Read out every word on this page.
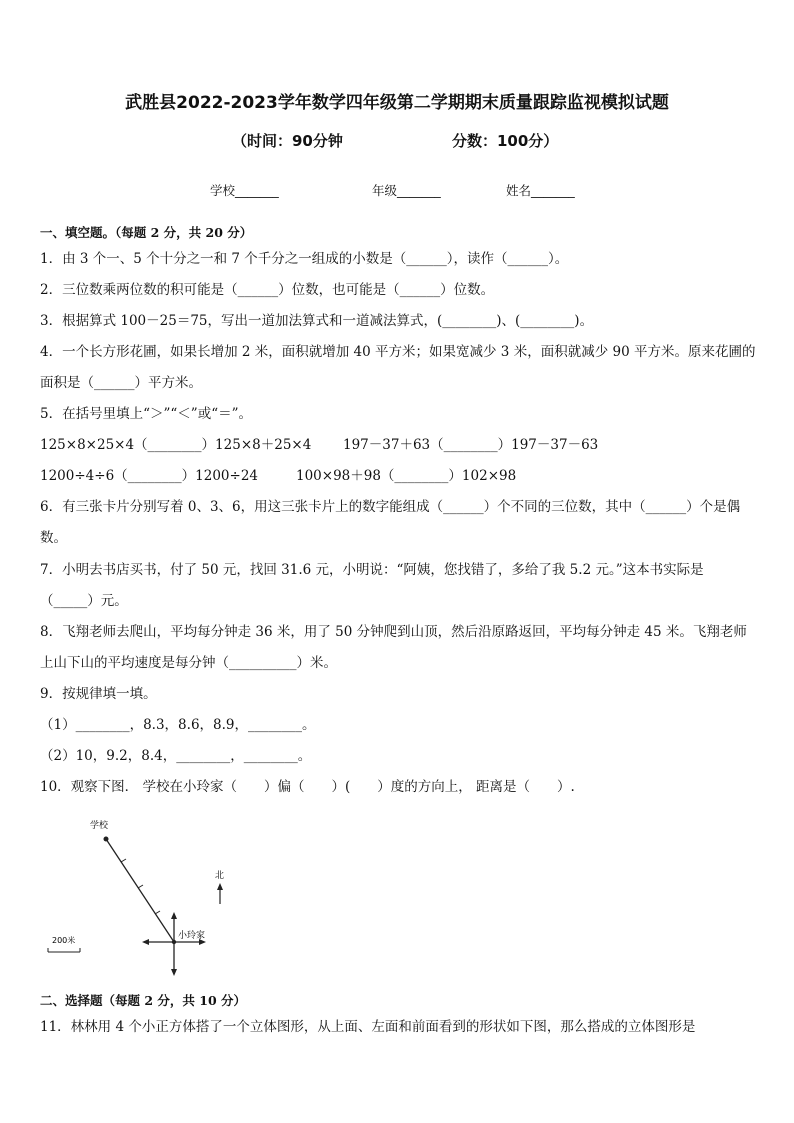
武胜县2022-2023学年数学四年级第二学期期末质量跟踪监视模拟试题
（时间：90分钟	分数：100分）
学校_______	年级_______	姓名_______
一、填空题。（每题 2 分，共 20 分）
1．由 3 个一、5 个十分之一和 7 个千分之一组成的小数是（______），读作（______）。
2．三位数乘两位数的积可能是（______）位数，也可能是（______）位数。
3．根据算式 100－25＝75，写出一道加法算式和一道减法算式，(________)、(________)。
4．一个长方形花圃，如果长增加 2 米，面积就增加 40 平方米；如果宽减少 3 米，面积就减少 90 平方米。原来花圃的
面积是（______）平方米。
5．在括号里填上“＞”“＜”或“＝”。
125×8×25×4（________）125×8＋25×4 197－37＋63（________）197－37－63
1200÷4÷6（________）1200÷24	100×98＋98（________）102×98
6．有三张卡片分别写着 0、3、6，用这三张卡片上的数字能组成（______）个不同的三位数，其中（______）个是偶
数。
7．小明去书店买书，付了 50 元，找回 31.6 元，小明说：“阿姨，您找错了，多给了我 5.2 元。”这本书实际是
（_____）元。
8．飞翔老师去爬山，平均每分钟走 36 米，用了 50 分钟爬到山顶，然后沿原路返回，平均每分钟走 45 米。飞翔老师
上山下山的平均速度是每分钟（__________）米。
9．按规律填一填。
（1）________，8.3，8.6，8.9，________。
（2）10，9.2，8.4，________，________。
10．观察下图． 学校在小玲家（　　）偏（　　）(　　）度的方向上， 距离是（　　）.
学校
小玲家
北
200米
二、选择题（每题 2 分，共 10 分）
11．林林用 4 个小正方体搭了一个立体图形，从上面、左面和前面看到的形状如下图，那么搭成的立体图形是
